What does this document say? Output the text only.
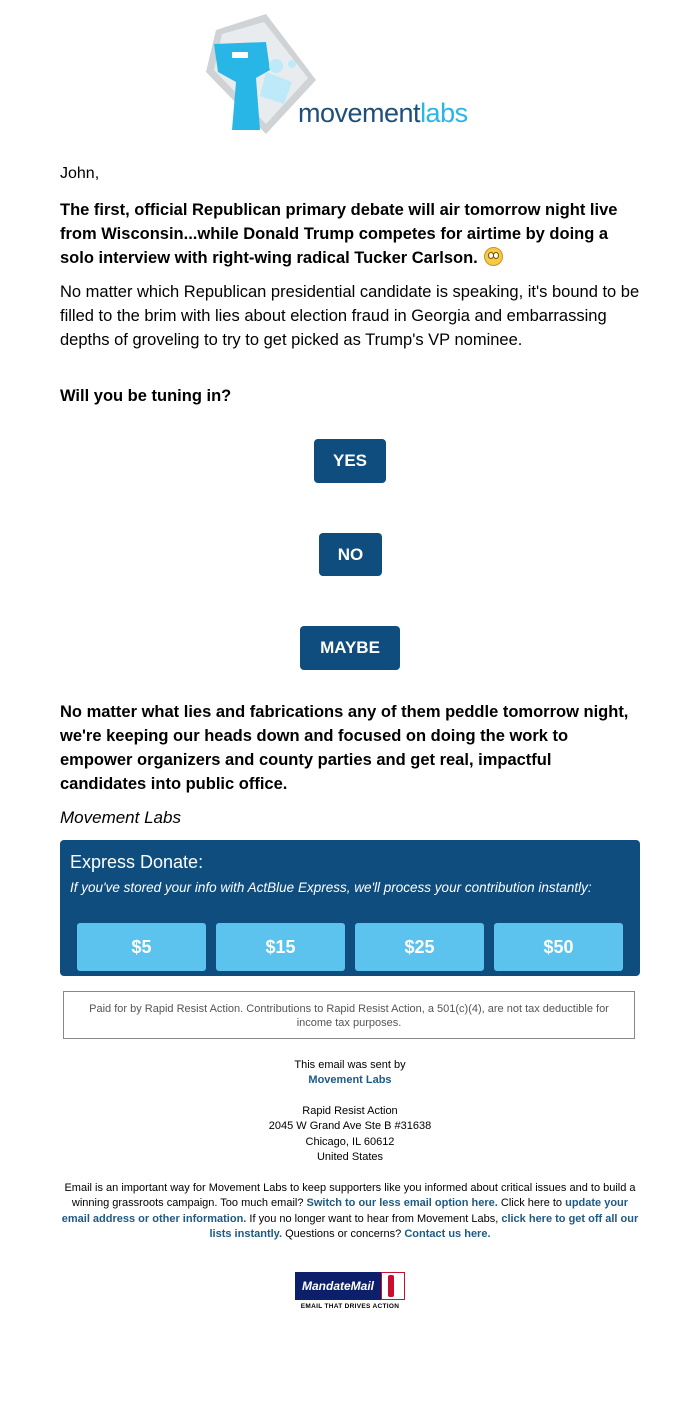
movementlabs
John,
The first, official Republican primary debate will air tomorrow night live from Wisconsin...while Donald Trump competes for airtime by doing a solo interview with right-wing radical Tucker Carlson.
No matter which Republican presidential candidate is speaking, it's bound to be filled to the brim with lies about election fraud in Georgia and embarrassing depths of groveling to try to get picked as Trump's VP nominee.
Will you be tuning in?
YES
NO
MAYBE
No matter what lies and fabrications any of them peddle tomorrow night, we're keeping our heads down and focused on doing the work to empower organizers and county parties and get real, impactful candidates into public office.
Movement Labs
Express Donate:
If you've stored your info with ActBlue Express, we'll process your contribution instantly:
$5	$15	$25	$50
Paid for by Rapid Resist Action. Contributions to Rapid Resist Action, a 501(c)(4), are not tax deductible for income tax purposes.
This email was sent by
Movement Labs
Rapid Resist Action
2045 W Grand Ave Ste B #31638
Chicago, IL 60612
United States
Email is an important way for Movement Labs to keep supporters like you informed about critical issues and to build a winning grassroots campaign. Too much email? Switch to our less email option here. Click here to update your email address or other information. If you no longer want to hear from Movement Labs, click here to get off all our lists instantly. Questions or concerns? Contact us here.
MandateMail
EMAIL THAT DRIVES ACTION
